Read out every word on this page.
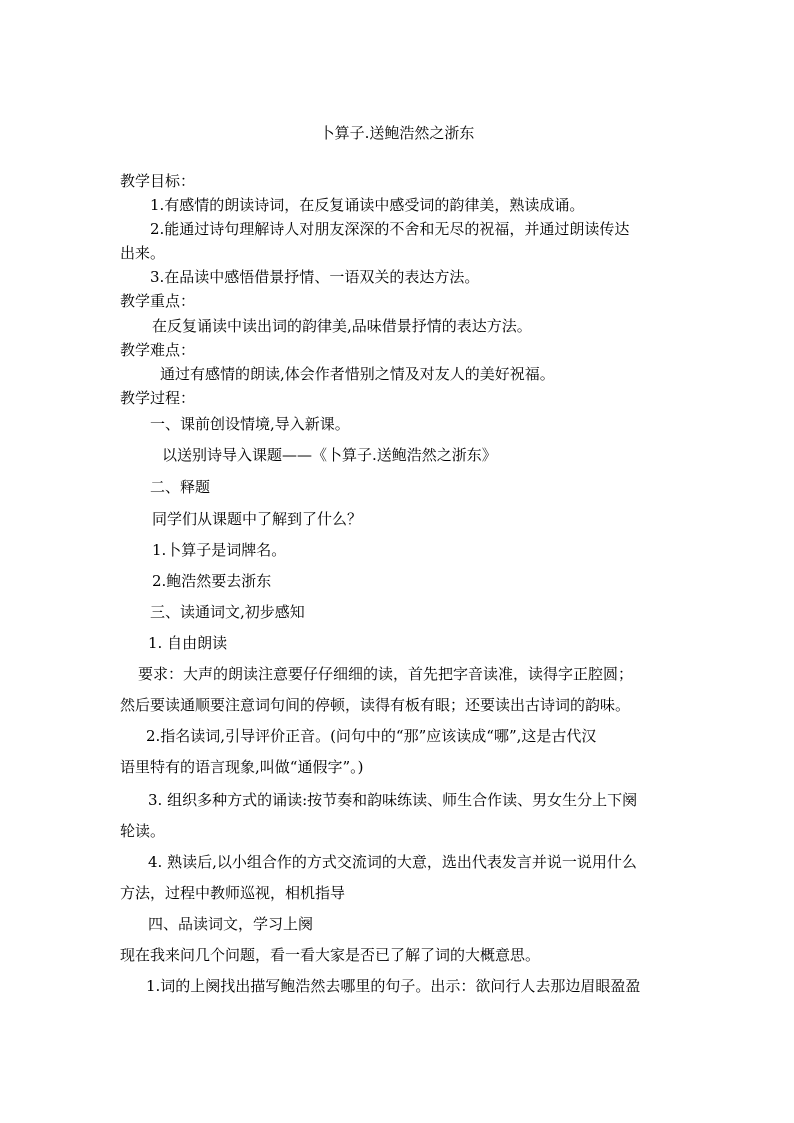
卜算子.送鲍浩然之浙东
教学目标：
1.有感情的朗读诗词，在反复诵读中感受词的韵律美，熟读成诵。
2.能通过诗句理解诗人对朋友深深的不舍和无尽的祝福，并通过朗读传达
出来。
3.在品读中感悟借景抒情、一语双关的表达方法。
教学重点：
在反复诵读中读出词的韵律美,品味借景抒情的表达方法。
教学难点：
通过有感情的朗读,体会作者惜别之情及对友人的美好祝福。
教学过程：
一、课前创设情境,导入新课。
以送别诗导入课题——《卜算子.送鲍浩然之浙东》
二、释题
同学们从课题中了解到了什么？
1.卜算子是词牌名。
2.鲍浩然要去浙东
三、读通词文,初步感知
1. 自由朗读
要求：大声的朗读注意要仔仔细细的读，首先把字音读准，读得字正腔圆；
然后要读通顺要注意词句间的停顿，读得有板有眼；还要读出古诗词的韵味。
2.指名读词,引导评价正音。(问句中的“那”应该读成“哪”,这是古代汉
语里特有的语言现象,叫做“通假字”。)
3. 组织多种方式的诵读:按节奏和韵味练读、师生合作读、男女生分上下阕
轮读。
4. 熟读后,以小组合作的方式交流词的大意，选出代表发言并说一说用什么
方法，过程中教师巡视，相机指导
四、品读词文，学习上阕
现在我来问几个问题，看一看大家是否已了解了词的大概意思。
1.词的上阕找出描写鲍浩然去哪里的句子。出示：欲问行人去那边眉眼盈盈
